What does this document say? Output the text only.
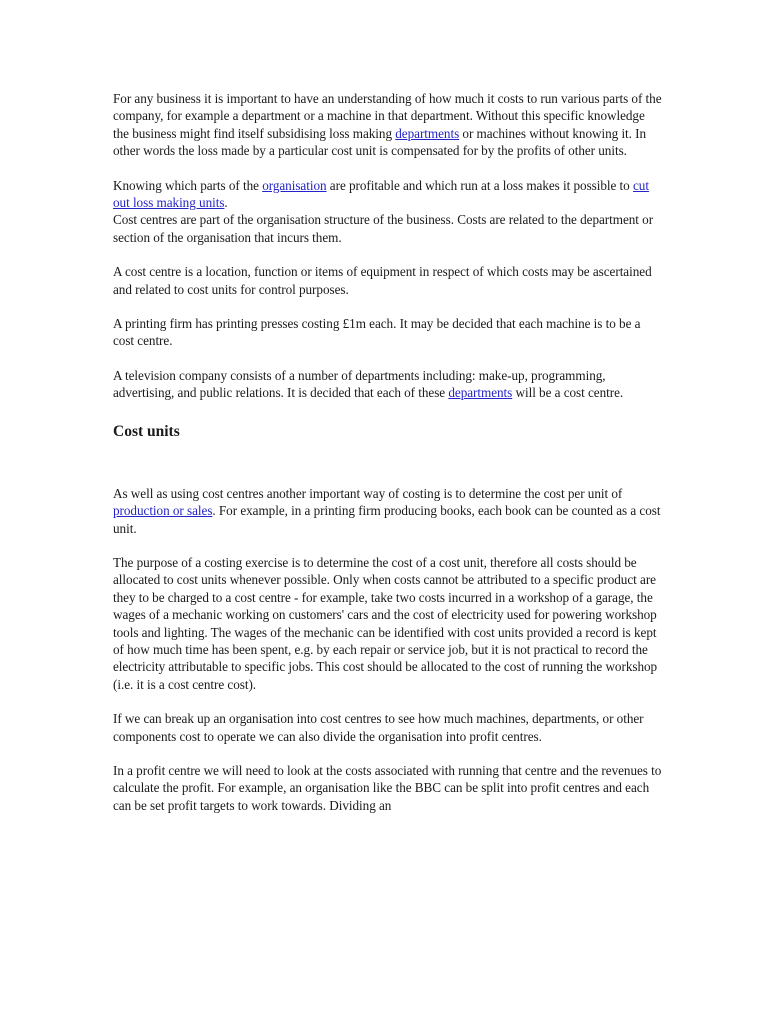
For any business it is important to have an understanding of how much it costs to run various parts of the company, for example a department or a machine in that department. Without this specific knowledge the business might find itself subsidising loss making departments or machines without knowing it. In other words the loss made by a particular cost unit is compensated for by the profits of other units.

Knowing which parts of the organisation are profitable and which run at a loss makes it possible to cut out loss making units.

Cost centres are part of the organisation structure of the business. Costs are related to the department or section of the organisation that incurs them.

A cost centre is a location, function or items of equipment in respect of which costs may be ascertained and related to cost units for control purposes.

A printing firm has printing presses costing £1m each. It may be decided that each machine is to be a cost centre.

A television company consists of a number of departments including: make-up, programming, advertising, and public relations. It is decided that each of these departments will be a cost centre.

Cost units

As well as using cost centres another important way of costing is to determine the cost per unit of production or sales. For example, in a printing firm producing books, each book can be counted as a cost unit.

The purpose of a costing exercise is to determine the cost of a cost unit, therefore all costs should be allocated to cost units whenever possible. Only when costs cannot be attributed to a specific product are they to be charged to a cost centre - for example, take two costs incurred in a workshop of a garage, the wages of a mechanic working on customers' cars and the cost of electricity used for powering workshop tools and lighting. The wages of the mechanic can be identified with cost units provided a record is kept of how much time has been spent, e.g. by each repair or service job, but it is not practical to record the electricity attributable to specific jobs. This cost should be allocated to the cost of running the workshop (i.e. it is a cost centre cost).

If we can break up an organisation into cost centres to see how much machines, departments, or other components cost to operate we can also divide the organisation into profit centres.

In a profit centre we will need to look at the costs associated with running that centre and the revenues to calculate the profit. For example, an organisation like the BBC can be split into profit centres and each can be set profit targets to work towards. Dividing an
